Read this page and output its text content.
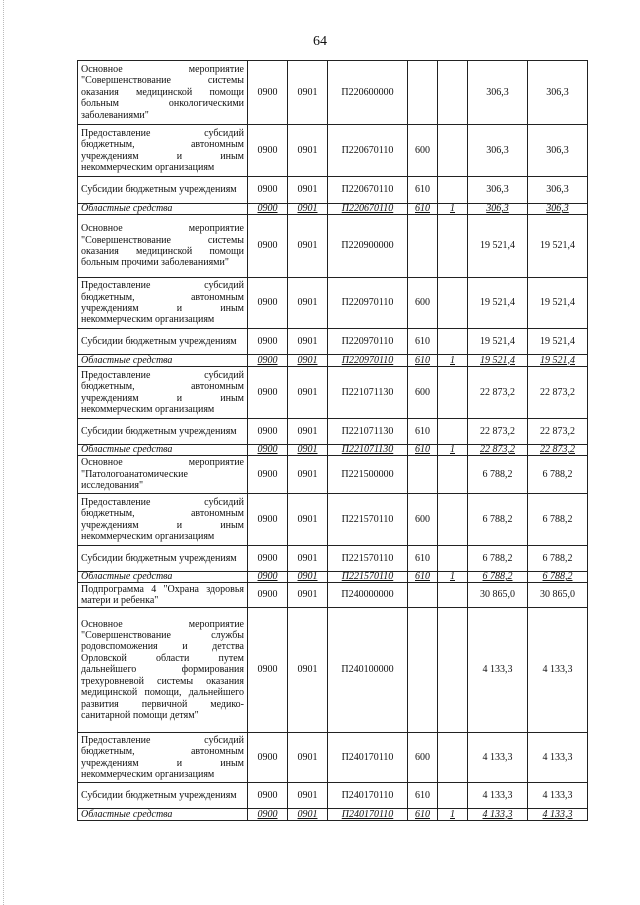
64
Основное мероприятие "Совершенствование системы оказания медицинской помощи больным онкологическими заболеваниями"	0900	0901	П220600000			306,3	306,3
Предоставление субсидий бюджетным, автономным учреждениям и иным некоммерческим организациям	0900	0901	П220670110	600		306,3	306,3
Субсидии бюджетным учреждениям	0900	0901	П220670110	610		306,3	306,3
Областные средства	0900	0901	П220670110	610	1	306,3	306,3
Основное мероприятие "Совершенствование системы оказания медицинской помощи больным прочими заболеваниями"	0900	0901	П220900000			19 521,4	19 521,4
Предоставление субсидий бюджетным, автономным учреждениям и иным некоммерческим организациям	0900	0901	П220970110	600		19 521,4	19 521,4
Субсидии бюджетным учреждениям	0900	0901	П220970110	610		19 521,4	19 521,4
Областные средства	0900	0901	П220970110	610	1	19 521,4	19 521,4
Предоставление субсидий бюджетным, автономным учреждениям и иным некоммерческим организациям	0900	0901	П221071130	600		22 873,2	22 873,2
Субсидии бюджетным учреждениям	0900	0901	П221071130	610		22 873,2	22 873,2
Областные средства	0900	0901	П221071130	610	1	22 873,2	22 873,2
Основное мероприятие "Патологоанатомические исследования"	0900	0901	П221500000			6 788,2	6 788,2
Предоставление субсидий бюджетным, автономным учреждениям и иным некоммерческим организациям	0900	0901	П221570110	600		6 788,2	6 788,2
Субсидии бюджетным учреждениям	0900	0901	П221570110	610		6 788,2	6 788,2
Областные средства	0900	0901	П221570110	610	1	6 788,2	6 788,2
Подпрограмма 4 "Охрана здоровья матери и ребенка"	0900	0901	П240000000			30 865,0	30 865,0
Основное мероприятие "Совершенствование службы родовспоможения и детства Орловской области путем дальнейшего формирования трехуровневой системы оказания медицинской помощи, дальнейшего развития первичной медико-санитарной помощи детям"	0900	0901	П240100000			4 133,3	4 133,3
Предоставление субсидий бюджетным, автономным учреждениям и иным некоммерческим организациям	0900	0901	П240170110	600		4 133,3	4 133,3
Субсидии бюджетным учреждениям	0900	0901	П240170110	610		4 133,3	4 133,3
Областные средства	0900	0901	П240170110	610	1	4 133,3	4 133,3
